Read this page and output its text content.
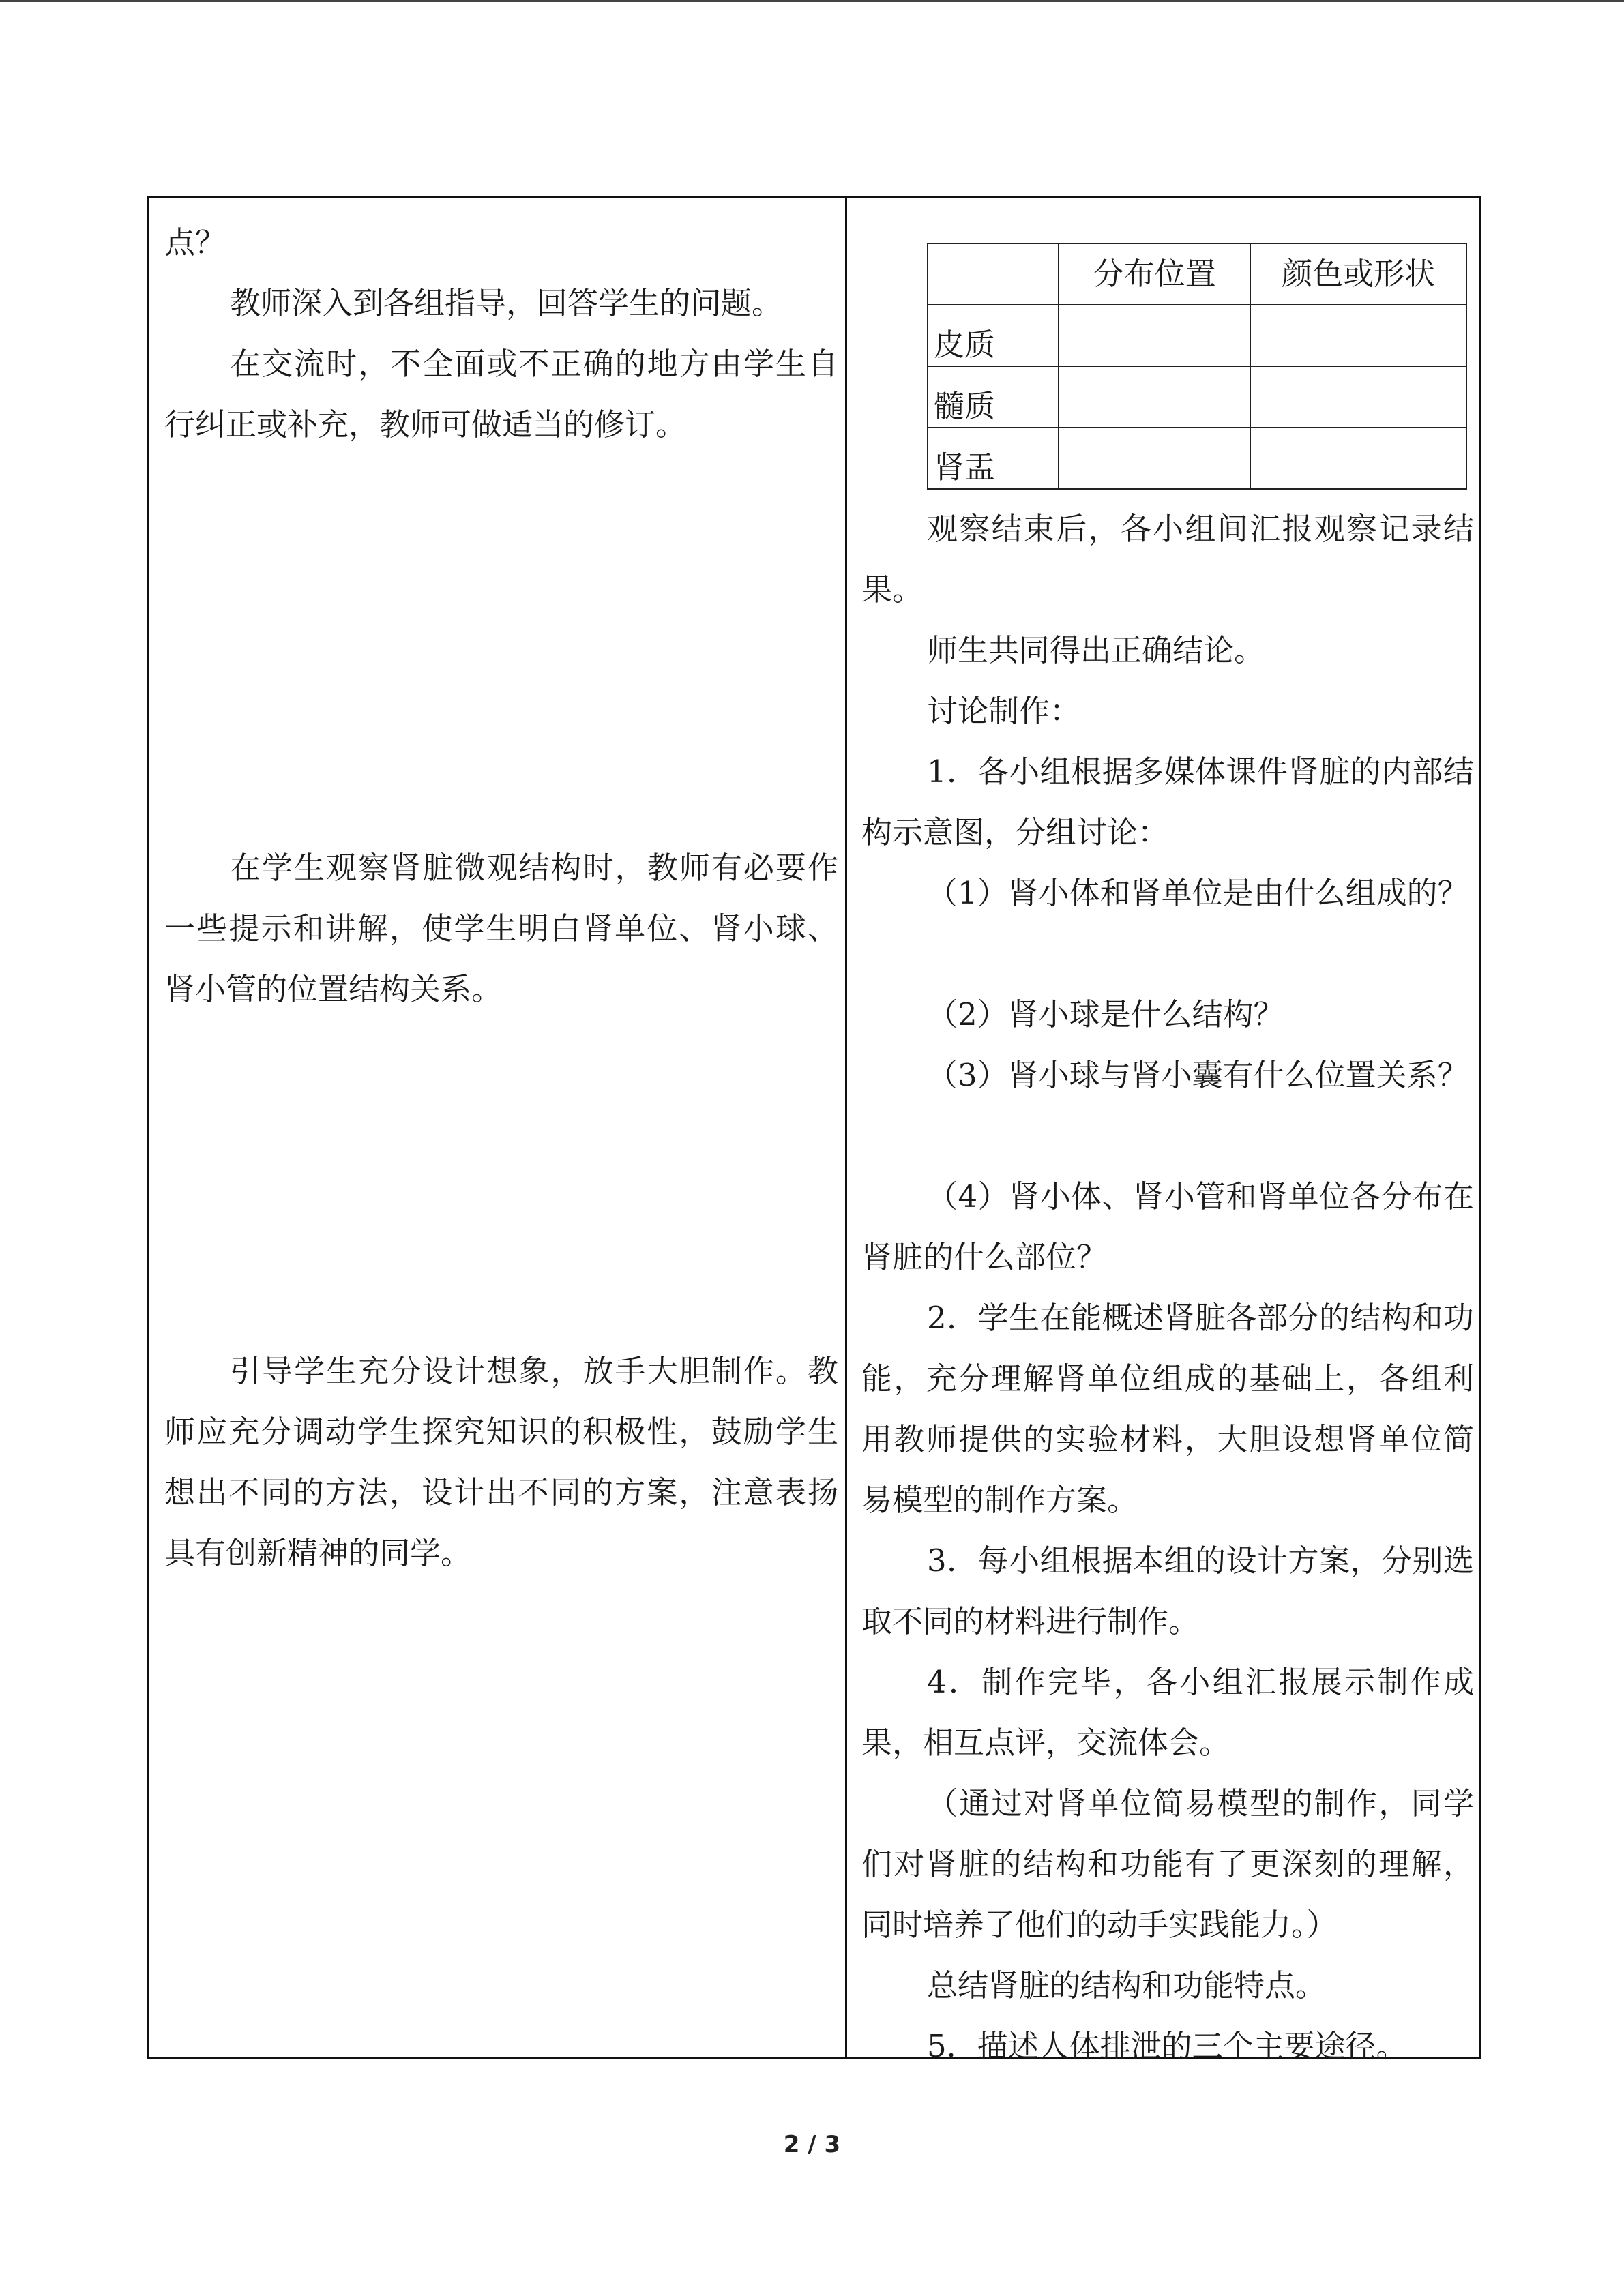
点？

教师深入到各组指导，回答学生的问题。

在交流时，不全面或不正确的地方由学生自行纠正或补充，教师可做适当的修订。

在学生观察肾脏微观结构时，教师有必要作一些提示和讲解，使学生明白肾单位、肾小球、肾小管的位置结构关系。

引导学生充分设计想象，放手大胆制作。教师应充分调动学生探究知识的积极性，鼓励学生想出不同的方法，设计出不同的方案，注意表扬具有创新精神的同学。

	分布位置	颜色或形状
皮质		
髓质		
肾盂		

观察结束后，各小组间汇报观察记录结果。

师生共同得出正确结论。

讨论制作：

1．各小组根据多媒体课件肾脏的内部结构示意图，分组讨论：

（1）肾小体和肾单位是由什么组成的？

（2）肾小球是什么结构？

（3）肾小球与肾小囊有什么位置关系？

（4）肾小体、肾小管和肾单位各分布在肾脏的什么部位？

2．学生在能概述肾脏各部分的结构和功能，充分理解肾单位组成的基础上，各组利用教师提供的实验材料，大胆设想肾单位简易模型的制作方案。

3．每小组根据本组的设计方案，分别选取不同的材料进行制作。

4．制作完毕，各小组汇报展示制作成果，相互点评，交流体会。

（通过对肾单位简易模型的制作，同学们对肾脏的结构和功能有了更深刻的理解，同时培养了他们的动手实践能力。）

总结肾脏的结构和功能特点。

5．描述人体排泄的三个主要途径。

2 / 3
